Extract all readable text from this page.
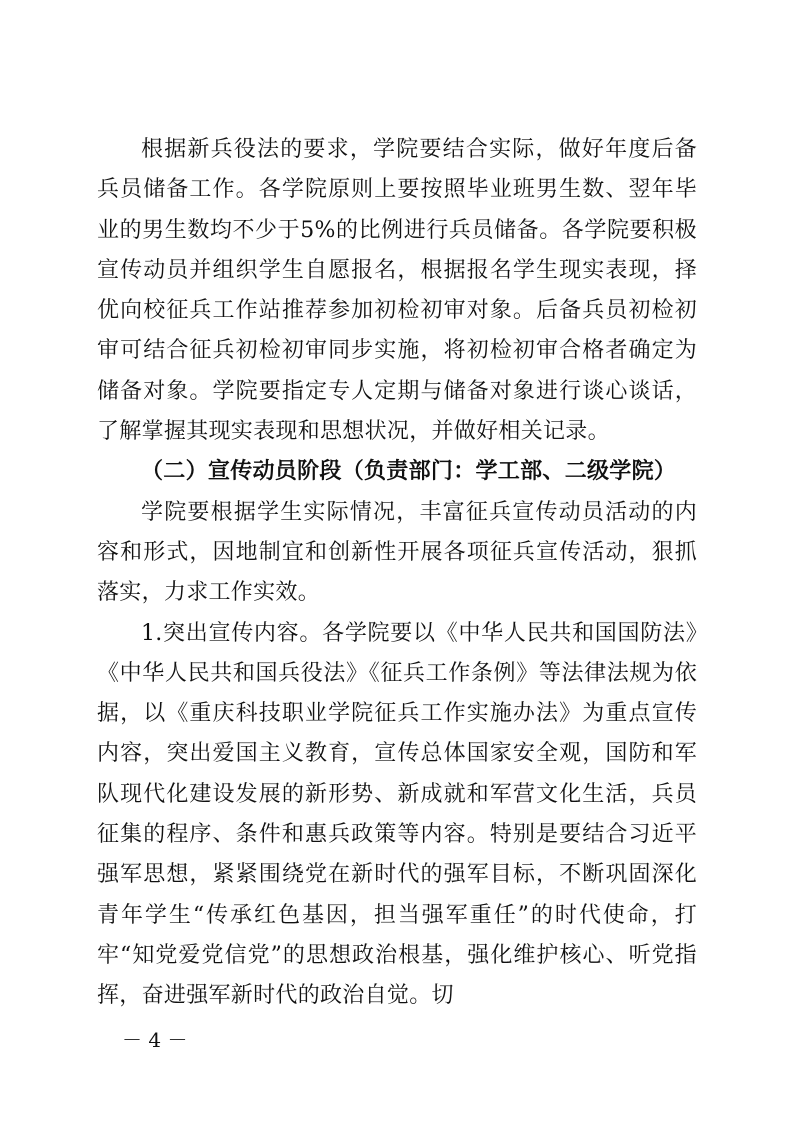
根据新兵役法的要求，学院要结合实际，做好年度后备兵员储备工作。各学院原则上要按照毕业班男生数、翌年毕业的男生数均不少于5%的比例进行兵员储备。各学院要积极宣传动员并组织学生自愿报名，根据报名学生现实表现，择优向校征兵工作站推荐参加初检初审对象。后备兵员初检初审可结合征兵初检初审同步实施，将初检初审合格者确定为储备对象。学院要指定专人定期与储备对象进行谈心谈话，了解掌握其现实表现和思想状况，并做好相关记录。

（二）宣传动员阶段（负责部门：学工部、二级学院）

学院要根据学生实际情况，丰富征兵宣传动员活动的内容和形式，因地制宜和创新性开展各项征兵宣传活动，狠抓落实，力求工作实效。

1.突出宣传内容。各学院要以《中华人民共和国国防法》《中华人民共和国兵役法》《征兵工作条例》等法律法规为依据，以《重庆科技职业学院征兵工作实施办法》为重点宣传内容，突出爱国主义教育，宣传总体国家安全观，国防和军队现代化建设发展的新形势、新成就和军营文化生活，兵员征集的程序、条件和惠兵政策等内容。特别是要结合习近平强军思想，紧紧围绕党在新时代的强军目标，不断巩固深化青年学生“传承红色基因，担当强军重任”的时代使命，打牢“知党爱党信党”的思想政治根基，强化维护核心、听党指挥，奋进强军新时代的政治自觉。切

－ 4 －
